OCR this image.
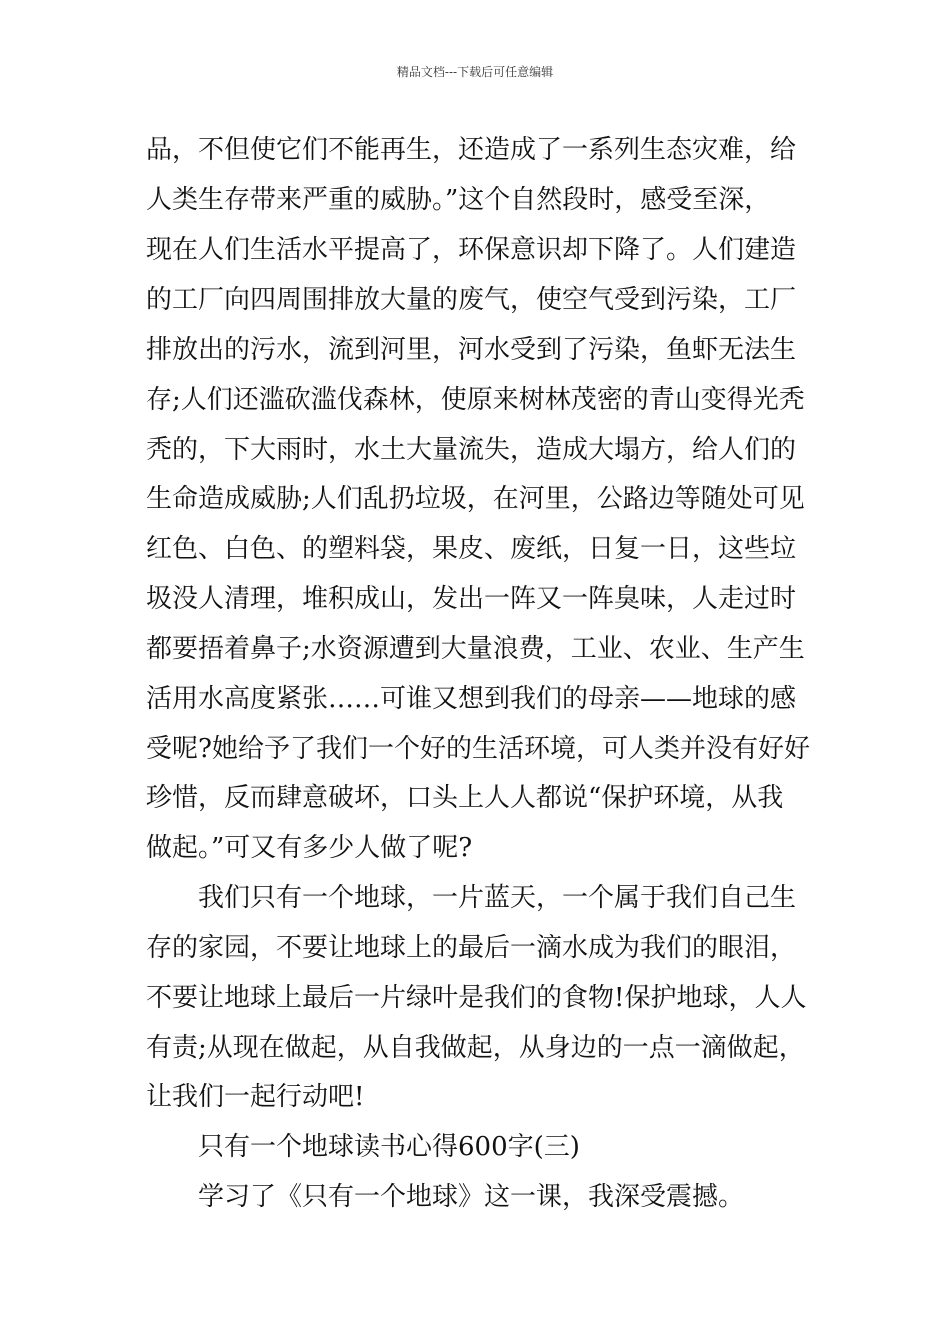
精品文档---下载后可任意编辑
品，不但使它们不能再生，还造成了一系列生态灾难，给
人类生存带来严重的威胁。”这个自然段时，感受至深，
现在人们生活水平提高了，环保意识却下降了。人们建造
的工厂向四周围排放大量的废气，使空气受到污染，工厂
排放出的污水，流到河里，河水受到了污染，鱼虾无法生
存;人们还滥砍滥伐森林，使原来树林茂密的青山变得光秃
秃的，下大雨时，水土大量流失，造成大塌方，给人们的
生命造成威胁;人们乱扔垃圾，在河里，公路边等随处可见
红色、白色、的塑料袋，果皮、废纸，日复一日，这些垃
圾没人清理，堆积成山，发出一阵又一阵臭味，人走过时
都要捂着鼻子;水资源遭到大量浪费，工业、农业、生产生
活用水高度紧张……可谁又想到我们的母亲——地球的感
受呢?她给予了我们一个好的生活环境，可人类并没有好好
珍惜，反而肆意破坏，口头上人人都说“保护环境，从我
做起。”可又有多少人做了呢?
我们只有一个地球，一片蓝天，一个属于我们自己生
存的家园，不要让地球上的最后一滴水成为我们的眼泪，
不要让地球上最后一片绿叶是我们的食物!保护地球，人人
有责;从现在做起，从自我做起，从身边的一点一滴做起，
让我们一起行动吧!
只有一个地球读书心得600字(三)
学习了《只有一个地球》这一课，我深受震撼。
